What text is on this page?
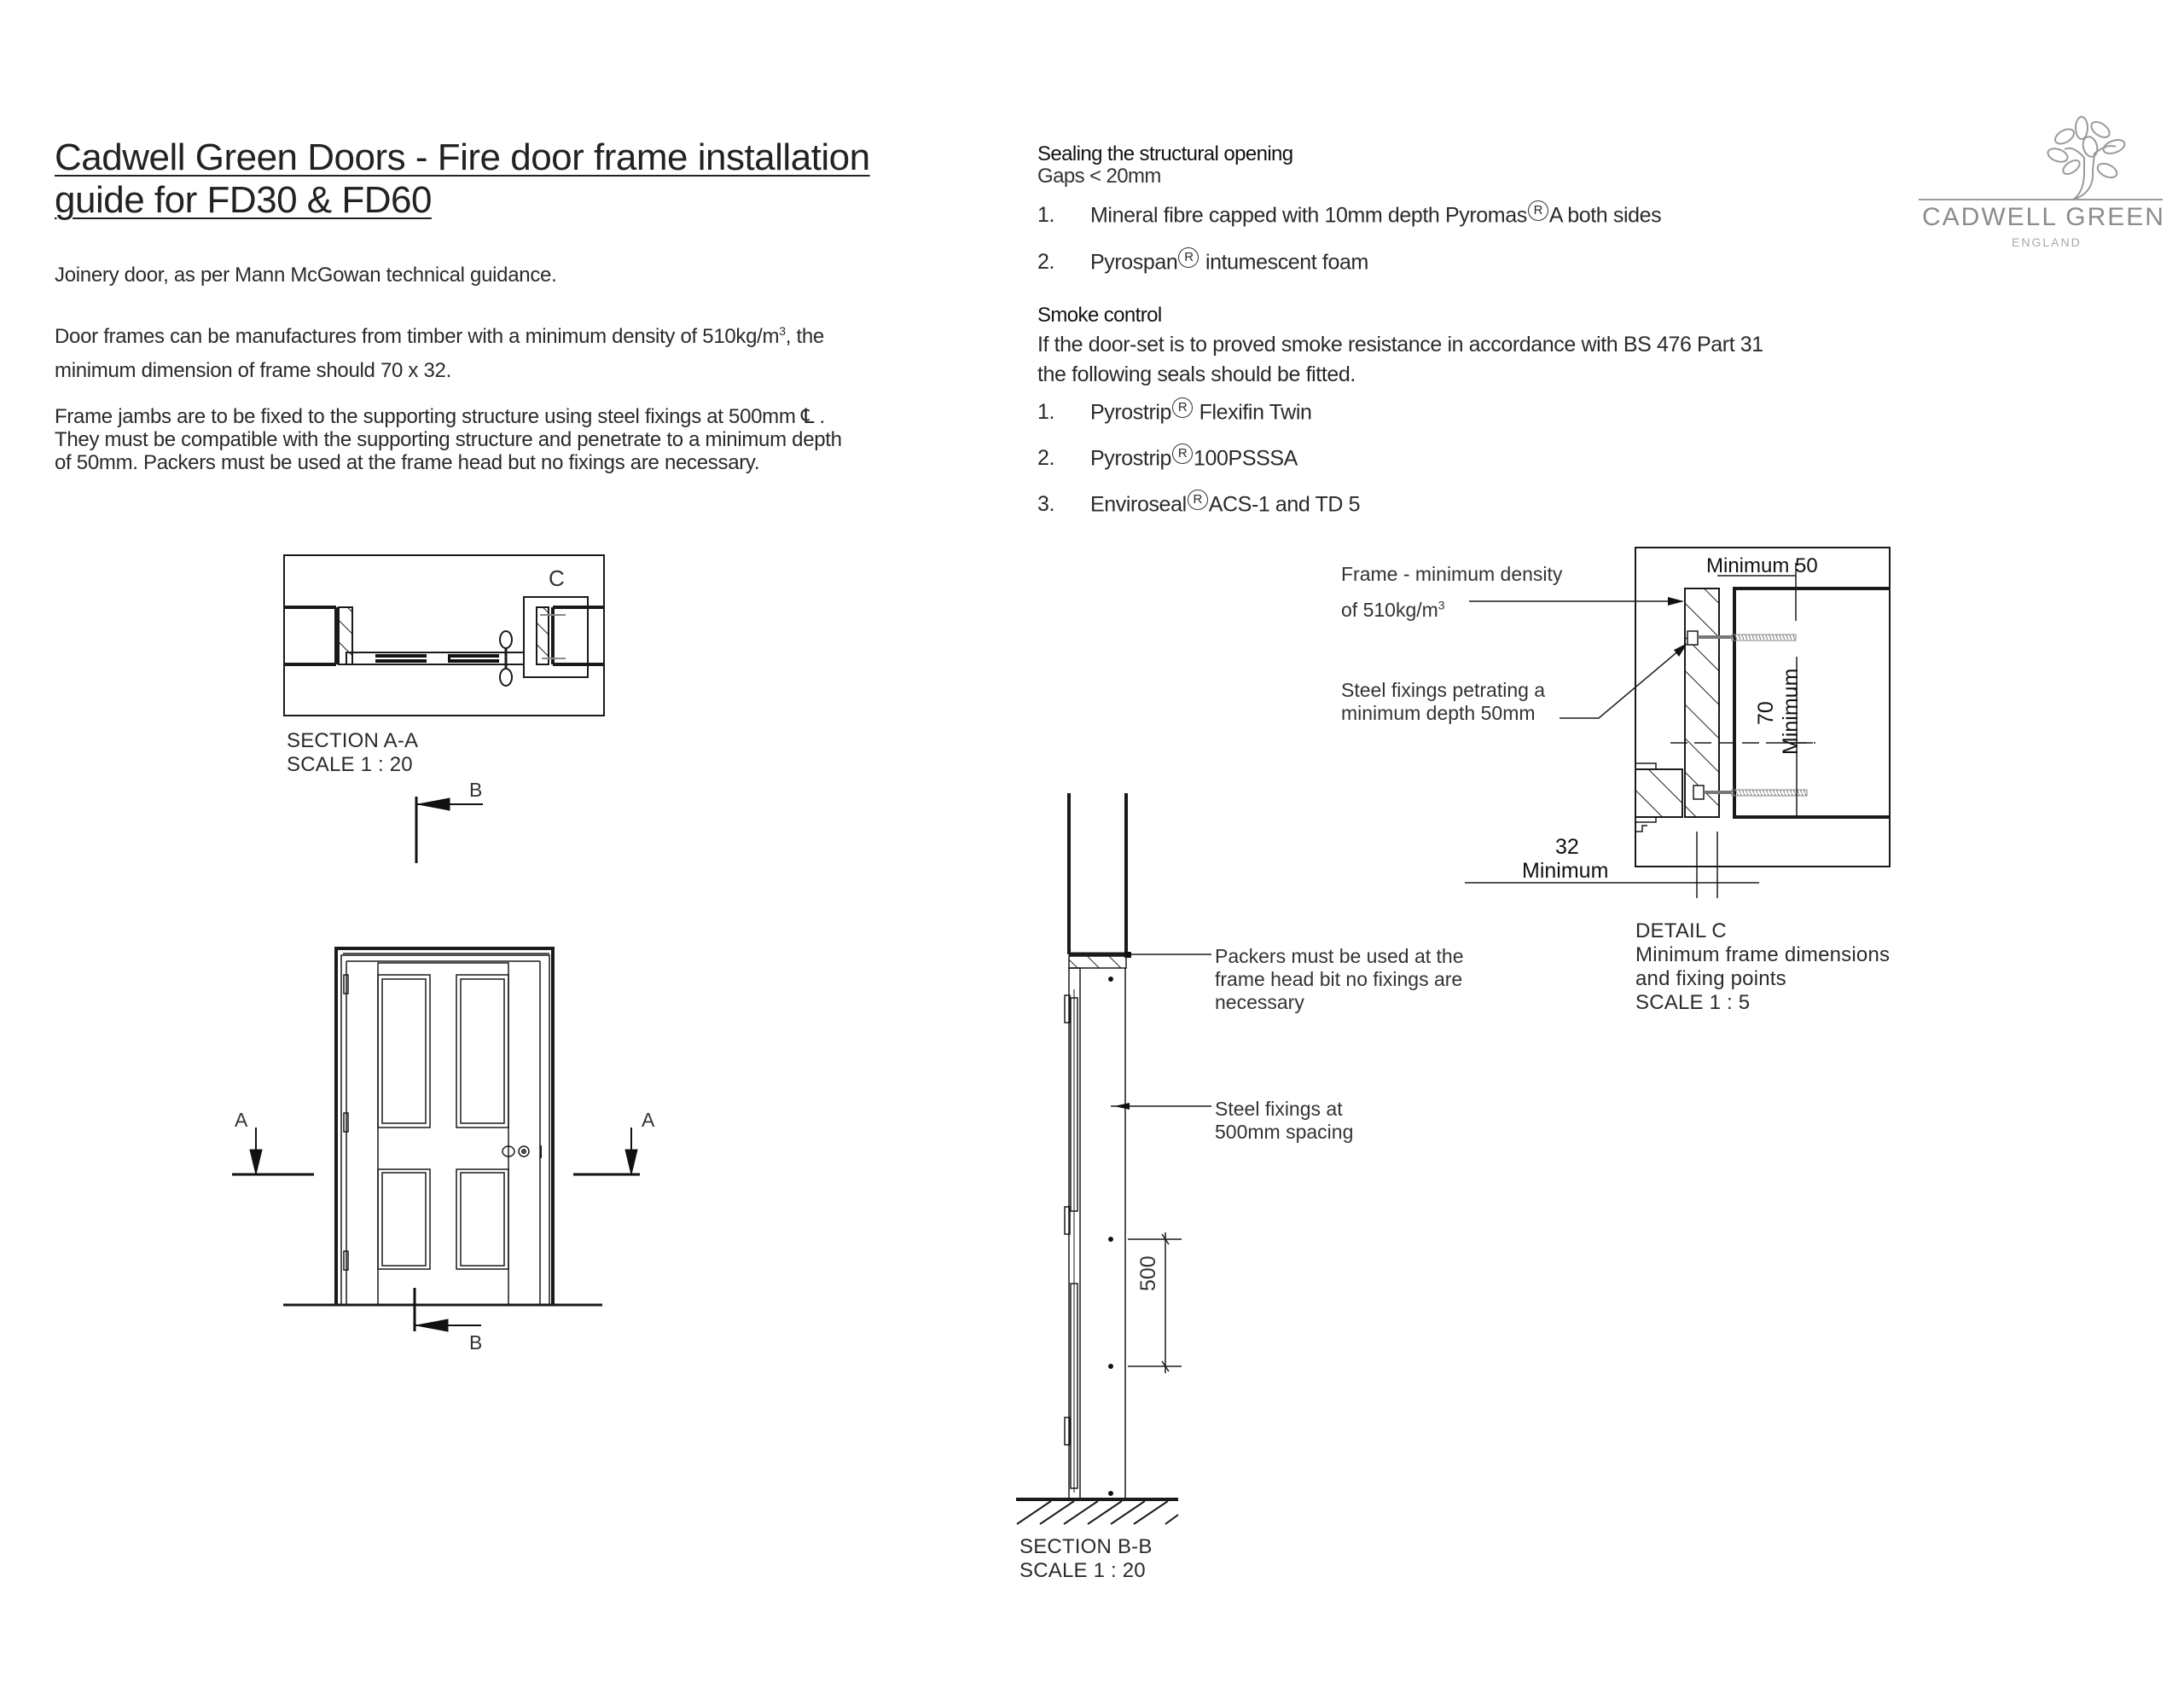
Cadwell Green Doors - Fire door frame installation
guide for FD30 & FD60
Joinery door, as per Mann McGowan technical guidance.
Door frames can be manufactures from timber with a minimum density of $510kg/m^3$, the
minimum dimension of frame should 70 x 32.
Frame jambs are to be fixed to the supporting structure using steel fixings at 500mm ℄ .
They must be compatible with the supporting structure and penetrate to a minimum depth
of 50mm. Packers must be used at the frame head but no fixings are necessary.
Sealing the structural opening
Gaps < 20mm
1. Mineral fibre capped with 10mm depth Pyromas R A both sides
2. Pyrospan R intumescent foam
Smoke control
If the door-set is to proved smoke resistance in accordance with BS 476 Part 31
the following seals should be fitted.
1. Pyrostrip R Flexifin Twin
2. Pyrostrip R 100PSSSA
3. Enviroseal R ACS-1 and TD 5
CADWELL GREEN
ENGLAND
C
SECTION A-A
SCALE 1 : 20
B
A	A
B
Packers must be used at the
frame head bit no fixings are
necessary
Steel fixings at
500mm spacing
500
SECTION B-B
SCALE 1 : 20
Frame - minimum density
of $510kg/m^3$
Steel fixings petrating a
minimum depth 50mm
Minimum 50
70 Minimum
32
Minimum
DETAIL C
Minimum frame dimensions
and fixing points
SCALE 1 : 5
